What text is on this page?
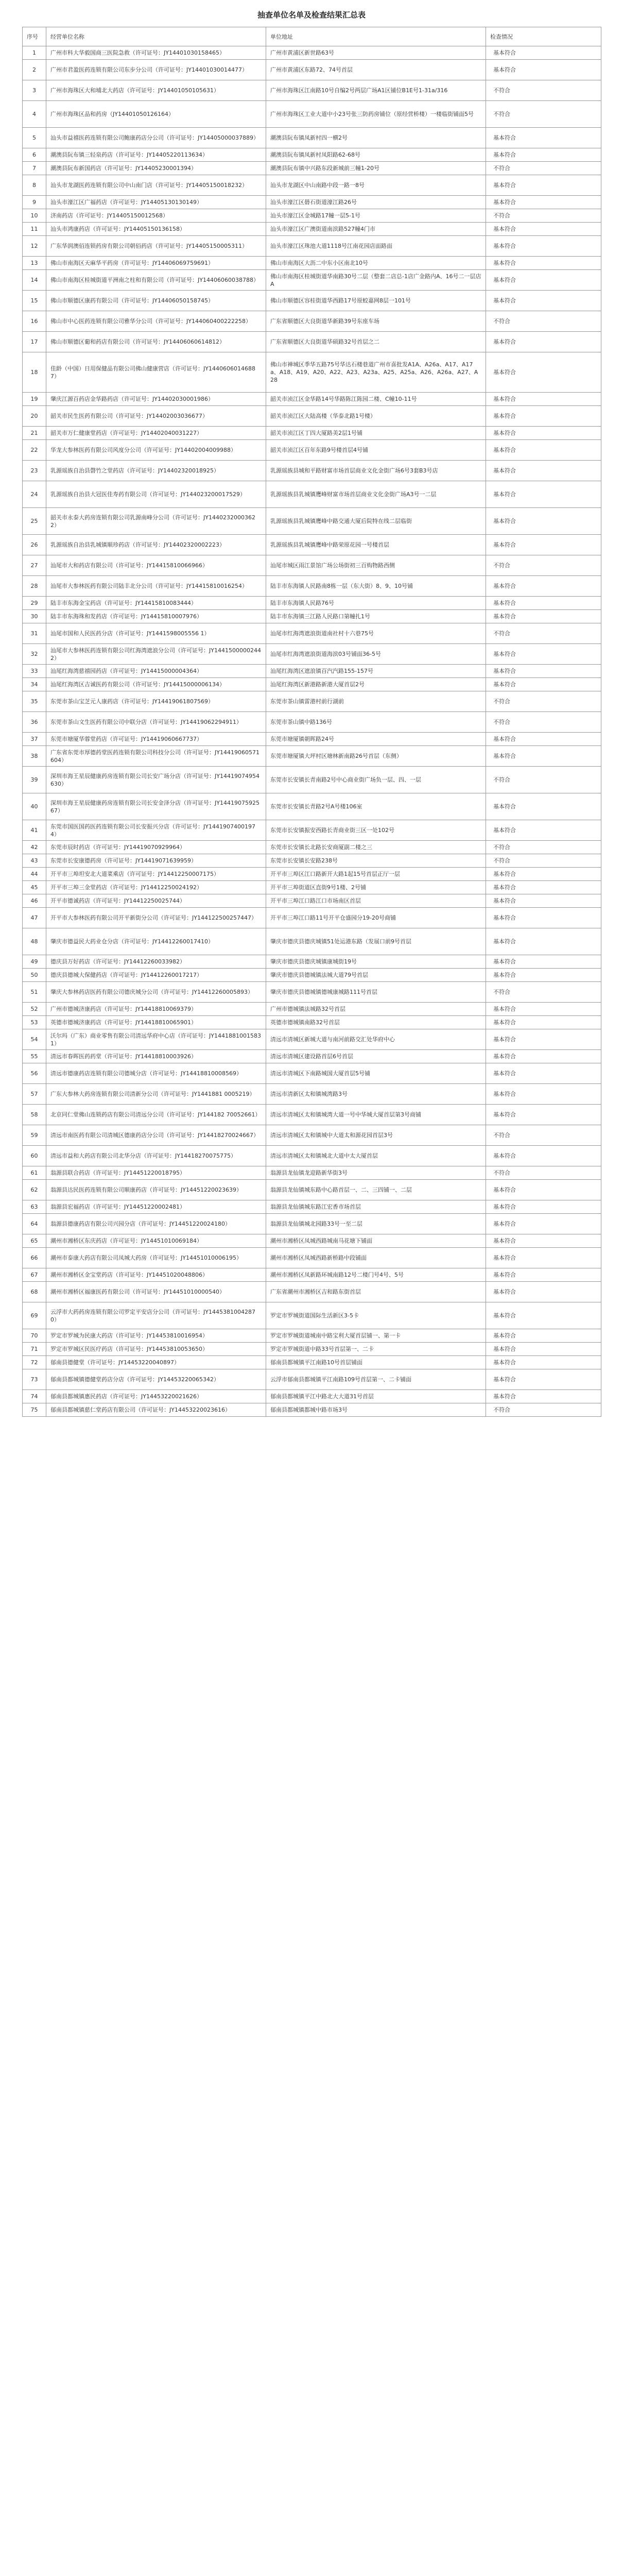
抽查单位名单及检查结果汇总表
序号	经营单位名称	单位地址	检查情况
1	广州市科大华毅国商三医院急救（许可证号：JY14401030158465）	广州市黄浦区新世路63号	基本符合
2	广州市君盈医药连锁有限公司东步分公司（许可证号：JY14401030014477）	广州市黄浦区东路72、74号首层	基本符合
3	广州市海珠区大和埔北大药店（许可证号：JY14401050105631）	广州市海珠区江南路10号自编2号两层广场A1区铺位B1E号1-31a/316	不符合
4	广州市海珠区品和药房（JY14401050126164）	广州市海珠区工业大道中小23号张三防药房铺位（原经营桥楼）一楼临街铺面5号	不符合
5	汕头市益禧医药连锁有限公司鲍康药店分公司（许可证号：JY14405000037889）	潮澳县阮布镇凤新村四一横2号	基本符合
6	潮澳县阮布镇三轻泉药店（许可证号：JY14405220113634）	潮澳县阮布镇凤新村凤阳路62-68号	基本符合
7	潮澳县阮布新国药店（许可证号：JY14405230001394）	潮澳县阮布镇中兴路东段新城前三幢1-20号	不符合
8	汕头市龙湖医药连锁有限公司中山南门店（许可证号：JY14405150018232）	汕头市龙湖区中山南路中段一路一8号	基本符合
9	汕头市濠江区广福药店（许可证号：JY14405130130149）	汕头市濠江区礐石街道濠江路26号	基本符合
10	济南药店（许可证号：JY14405150012568）	汕头市濠江区金城路17幢一层5-1号	不符合
11	汕头市鸿康药店（许可证号：JY14405150136158）	汕头市濠江区广澳街道南滨路527幢4门市	基本符合
12	广东华润澳佰连锁药房有限公司朝佰药店（许可证号：JY14405150005311）	汕头市濠江区珠池大道1118号江南花园店面路面	基本符合
13	佛山市南海区天麻华平药房（许可证号：JY14406069759691）	佛山市南海区大沥二中东小区南北10号	基本符合
14	佛山市南海区桂城街道平洲南之柱和有限公司（许可证号：JY14406060038788）	佛山市南海区桂城街道华南路30号二层（整套二店总-1店广金路内A、16号二一层店A	基本符合
15	佛山市顺德区康药有限公司（许可证号：JY14406050158745）	佛山市顺德区容桂街道华西路17号原蛟嘉网8层一101号	基本符合
16	佛山市中心医药连锁有限公司雅华分公司（许可证号：JY144060400222258）	广东省顺德区大良街道华新路39号东座车场	不符合
17	佛山市顺德区葡和药店有限公司（许可证号：JY14406060614812）	广东省顺德区大良街道华硕路32号首层之二	基本符合
18	佳龄（中国）日用保健品有限公司佛山健康营店（许可证号：JY14406060146887）	佛山市禅城区季华五路75号华达石楼巷道广州市喜批发A1A、A26a、A17、A17a、A18、A19、A20、A22、A23、A23a、A25、A25a、A26、A26a、A27、A28	基本符合
19	肇庆江源百药店金华路药店（许可证号：JY14402030001986）	韶关市浈江区金华路14号华路陈江陈园二楼、C幢10-11号	基本符合
20	韶关市民生医药有限公司（许可证号：JY14402003036677）	韶关市浈江区大陆高楼（华泰北路1号楼）	基本符合
21	韶关市万仁健康堂药店（许可证号：JY14402040031227）	韶关市浈江区丁四大厦路美2层1号铺	基本符合
22	华龙大参林医药有限公司风度分公司（许可证号：JY14402004009988）	韶关市浈江区百年东路9号楼首层4号铺	基本符合
23	乳源瑶族自治县磬竹之堂药店（许可证号：JY14402320018925）	乳源瑶族县城和平路财富市场首层商业文化金街广场6号3套B3号店	基本符合
24	乳源瑶族自治县大冠医佳寿药有限公司（许可证号：JY144023200017529）	乳源瑶族县乳城镇鹰峰财富市场首层商业文化金街广场A3号一二层	基本符合
25	韶关市永泰大药房连锁有限公司乳源南峰分公司（许可证号：JY14402320003622）	乳源瑶族县乳城镇鹰峰中路交通大厦后院特在线二层临街	基本符合
26	乳源瑶族自治县乳城镇顺珍药店（许可证号：JY14402320002223）	乳源瑶族县乳城镇鹰峰中路荣原花园一号楼首层	基本符合
27	汕尾市大和药店有限公司（许可证号：JY14415810066966）	汕尾市城区雨江景馆广场公场街初三百购物路西侧	不符合
28	汕尾市大参林医药有限公司陆丰北分公司（许可证号：JY14415810016254）	陆丰市东海镇人民路南8栋一层（东大街）8、9、10号铺	基本符合
29	陆丰市东海金宝药店（许可证号：JY14415810083444）	陆丰市东海镇人民路76号	基本符合
30	陆丰市东海珠和发药店（许可证号：JY14415810007976）	陆丰市东海镇三江路人民路口第幢扎1号	基本符合
31	汕尾市国和人民医药分店（许可证号：JY1441598005556 1）	汕尾市红海湾遮浪街道南社村十六巷75号	不符合
32	汕尾市大参林医药连锁有限公司红海湾遮浪分公司（许可证号：JY14415000002442）	汕尾市红海湾遮浪街道海滨03号铺面36-5号	基本符合
33	汕尾红海湾慈禧园药店（许可证号：JY14415000004364）	汕尾红海湾区遮浪镇百汽汽路155-157号	基本符合
34	汕尾红海湾区吉诚医药有限公司（许可证号：JY14415000006134）	汕尾红海湾区新港路新港大厦首层2号	基本符合
35	东莞市茶山宝芝元人康药店（许可证号：JY14419061807569）	东莞市茶山镇雷港村前行湖前	不符合
36	东莞市茶山文生医药有限公司中联分店（许可证号：JY14419062294911）	东莞市茶山镇中路136号	不符合
37	东莞市塘厦华蓉堂药店（许可证号：JY14419060667737）	东莞市塘厦镇朝晖路24号	基本符合
38	广东省东莞市厚德药堂医药连锁有限公司科技分公司（许可证号：JY14419060571604）	东莞市塘厦镇大坪村区塘林新南路26号首层（东侧）	基本符合
39	深圳市海王星辰健康药房连锁有限公司长安广场分店（许可证号：JY14419074954630）	东莞市长安镇长青南路2号中心商业街广场负一层、四、一层	不符合
40	深圳市海王星辰健康药房连锁有限公司长安金泽分店（许可证号：JY1441907592567）	东莞市长安镇长青路2号A号楼106室	基本符合
41	东莞市国医国药医药连锁有限公司长安振兴分店（许可证号：JY14419074001974）	东莞市长安镇振安西路长青商业街三区一处102号	基本符合
42	东莞市辰时药店（许可证号：JY14419070929964）	东莞市长安镇长北路长安商厦副二楼之三	不符合
43	东莞市长安康德药房（许可证号：JY14419071639959）	东莞市长安镇长安路238号	不符合
44	开平市三埠坦安北大道菜乘店（许可证号：JY14412250007175）	开平市三埠区江口路新开大路1起15号首层正厅一层	基本符合
45	开平市三埠三金堂药店（许可证号：JY14412250024192）	开平市三埠街道区直街9号1楼、2号铺	基本符合
46	开平市德诚药店（许可证号：JY14412250025744）	开平市三埠江口路江口市场南区首层	基本符合
47	开平市大参林医药有限公司开平新街分公司（许可证号：JY144122500257447）	开平市三埠江口路11号开平仓盛园分19-20号商铺	基本符合
48	肇庆市德益民大药业仓分店（许可证号：JY14412260017410）	肇庆市德庆县德庆城镇51处运港东路（发展口前9号首层	基本符合
49	德庆县万好药店（许可证号：JY14412260033982）	肇庆市德庆县德庆城镇康城街19号	基本符合
50	德庆县德城大保健药店（许可证号：JY14412260017217）	肇庆市德庆县德城镇法城大道79号首层	基本符合
51	肇庆大参林药店医药有限公司德庆城分公司（许可证号：JY14412260005893）	肇庆市德庆县德城镇德城康城路111号首层	不符合
52	广州市德城济康药店（许可证号：JY14418810069379）	广州市德城镇法城路32号首层	基本符合
53	英德市德城济康药店（许可证号：JY14418810065901）	英德市德城镇南路32号首层	基本符合
54	沃尔玛（广东）商业零售有限公司清远华府中心店（许可证号：JY14418810015831）	清远市清城区新城大道与南河前路交汇处华府中心	基本符合
55	清远市春晖医药药堂（许可证号：JY14418810003926）	清远市清城区建设路首层6号首层	基本符合
56	清远市德康药店连锁有限公司德城分店（许可证号：JY14418810008569）	清远市清城区下南路城国大厦首层5号铺	基本符合
57	广东大参林大药房连锁有限公司清新分公司（许可证号：JY1441881 0005219）	清远市清新区太和镇城湾路3号	基本符合
58	北京同仁堂佛山连锁药店有限公司清远分公司（许可证号：JY144182 70052661）	清远市清城区太和镇城湾大道一号中华城大厦首层第3号商铺	基本符合
59	清远市南医药有限公司清城区德康药店分公司（许可证号：JY14418270024667）	清远市清城区太和镇城中大道太和源花园首层3号	不符合
60	清远市益和大药店有限公司北华分店（许可证号：JY14418270075775）	清远市清城区太和镇城北大道中太大厦首层	基本符合
61	翁源县联合药店（许可证号：JY14451220018795）	翁源县龙仙镇龙迎路新华街3号	不符合
62	翁源县达民医药连锁有限公司顺康药店（许可证号：JY14451220023639）	翁源县龙仙镇城东路中心路首层一、二、三四铺一、二层	基本符合
63	翁源县宏福药店（许可证号：JY14451220002481）	翁源县龙仙镇城东路江宏香市场首层	基本符合
64	翁源县德康药店有限公司兴园分店（许可证号：JY14451220024180）	翁源县龙仙镇城北园路33号一至二层	基本符合
65	潮州市湘桥区东庆药店（许可证号：JY14451010069184）	潮州市湘桥区凤城西路城南马花塘下铺面	基本符合
66	潮州市泰康大药店有限公司凤城大药房（许可证号：JY14451010006195）	潮州市湘桥区凤城西路新桥路中段铺面	基本符合
67	潮州市湘桥区金宝堂药店（许可证号：JY14451020048806）	潮州市湘桥区凤新路环城南路12号二楼门号4号、5号	基本符合
68	潮州市湘桥区福康医药有限公司（许可证号：JY14451010000540）	广东省潮州市湘桥区吉和路东街首层	基本符合
69	云浮市大药药房连锁有限公司罗定平安店分公司（许可证号：JY14453810042870）	罗定市罗城街道国际生活新区3-5卡	基本符合
70	罗定市罗城为民康大药店（许可证号：JY14453810016954）	罗定市罗城街道城南中路宝利大厦首层铺一、第一卡	基本符合
71	罗定市罗城区民医疗药店（许可证号：JY14453810053650）	罗定市罗城街道中路33号首层第一、二卡	基本符合
72	郁南县德健堂（许可证号：JY14453220040897）	郁南县都城镇平江南路10号首层铺面	基本符合
73	郁南县都城镇德健堂药店分店（许可证号：JY14453220065342）	云浮市郁南县都城镇平江南路109号首层第一、二卡铺面	基本符合
74	郁南县都城镇惠民药店（许可证号：JY14453220021626）	郁南县都城镇平江中路北大大道31号首层	基本符合
75	郁南县都城镇慈仁堂药店有限公司（许可证号：JY14453220023616）	郁南县都城镇都城中路市场3号	不符合
